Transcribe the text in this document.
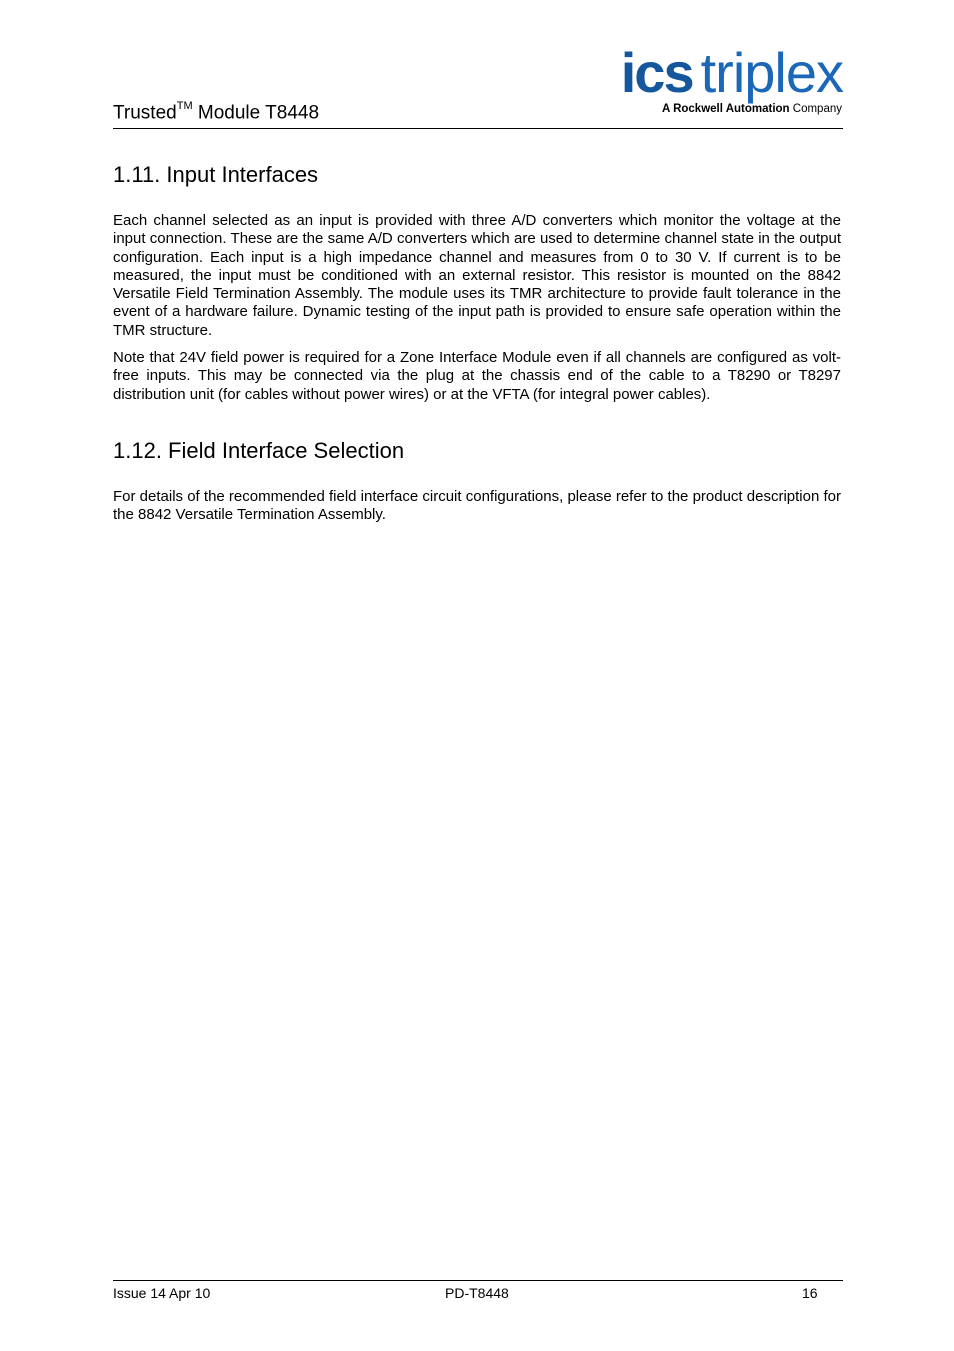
Trusted™ Module T8448
ics triplex
A Rockwell Automation Company
1.11. Input Interfaces

Each channel selected as an input is provided with three A/D converters which monitor the voltage at the input connection. These are the same A/D converters which are used to determine channel state in the output configuration. Each input is a high impedance channel and measures from 0 to 30 V. If current is to be measured, the input must be conditioned with an external resistor. This resistor is mounted on the 8842 Versatile Field Termination Assembly. The module uses its TMR architecture to provide fault tolerance in the event of a hardware failure. Dynamic testing of the input path is provided to ensure safe operation within the TMR structure.

Note that 24V field power is required for a Zone Interface Module even if all channels are configured as volt-free inputs. This may be connected via the plug at the chassis end of the cable to a T8290 or T8297 distribution unit (for cables without power wires) or at the VFTA (for integral power cables).

1.12. Field Interface Selection

For details of the recommended field interface circuit configurations, please refer to the product description for the 8842 Versatile Termination Assembly.

Issue 14 Apr 10	PD-T8448	16
